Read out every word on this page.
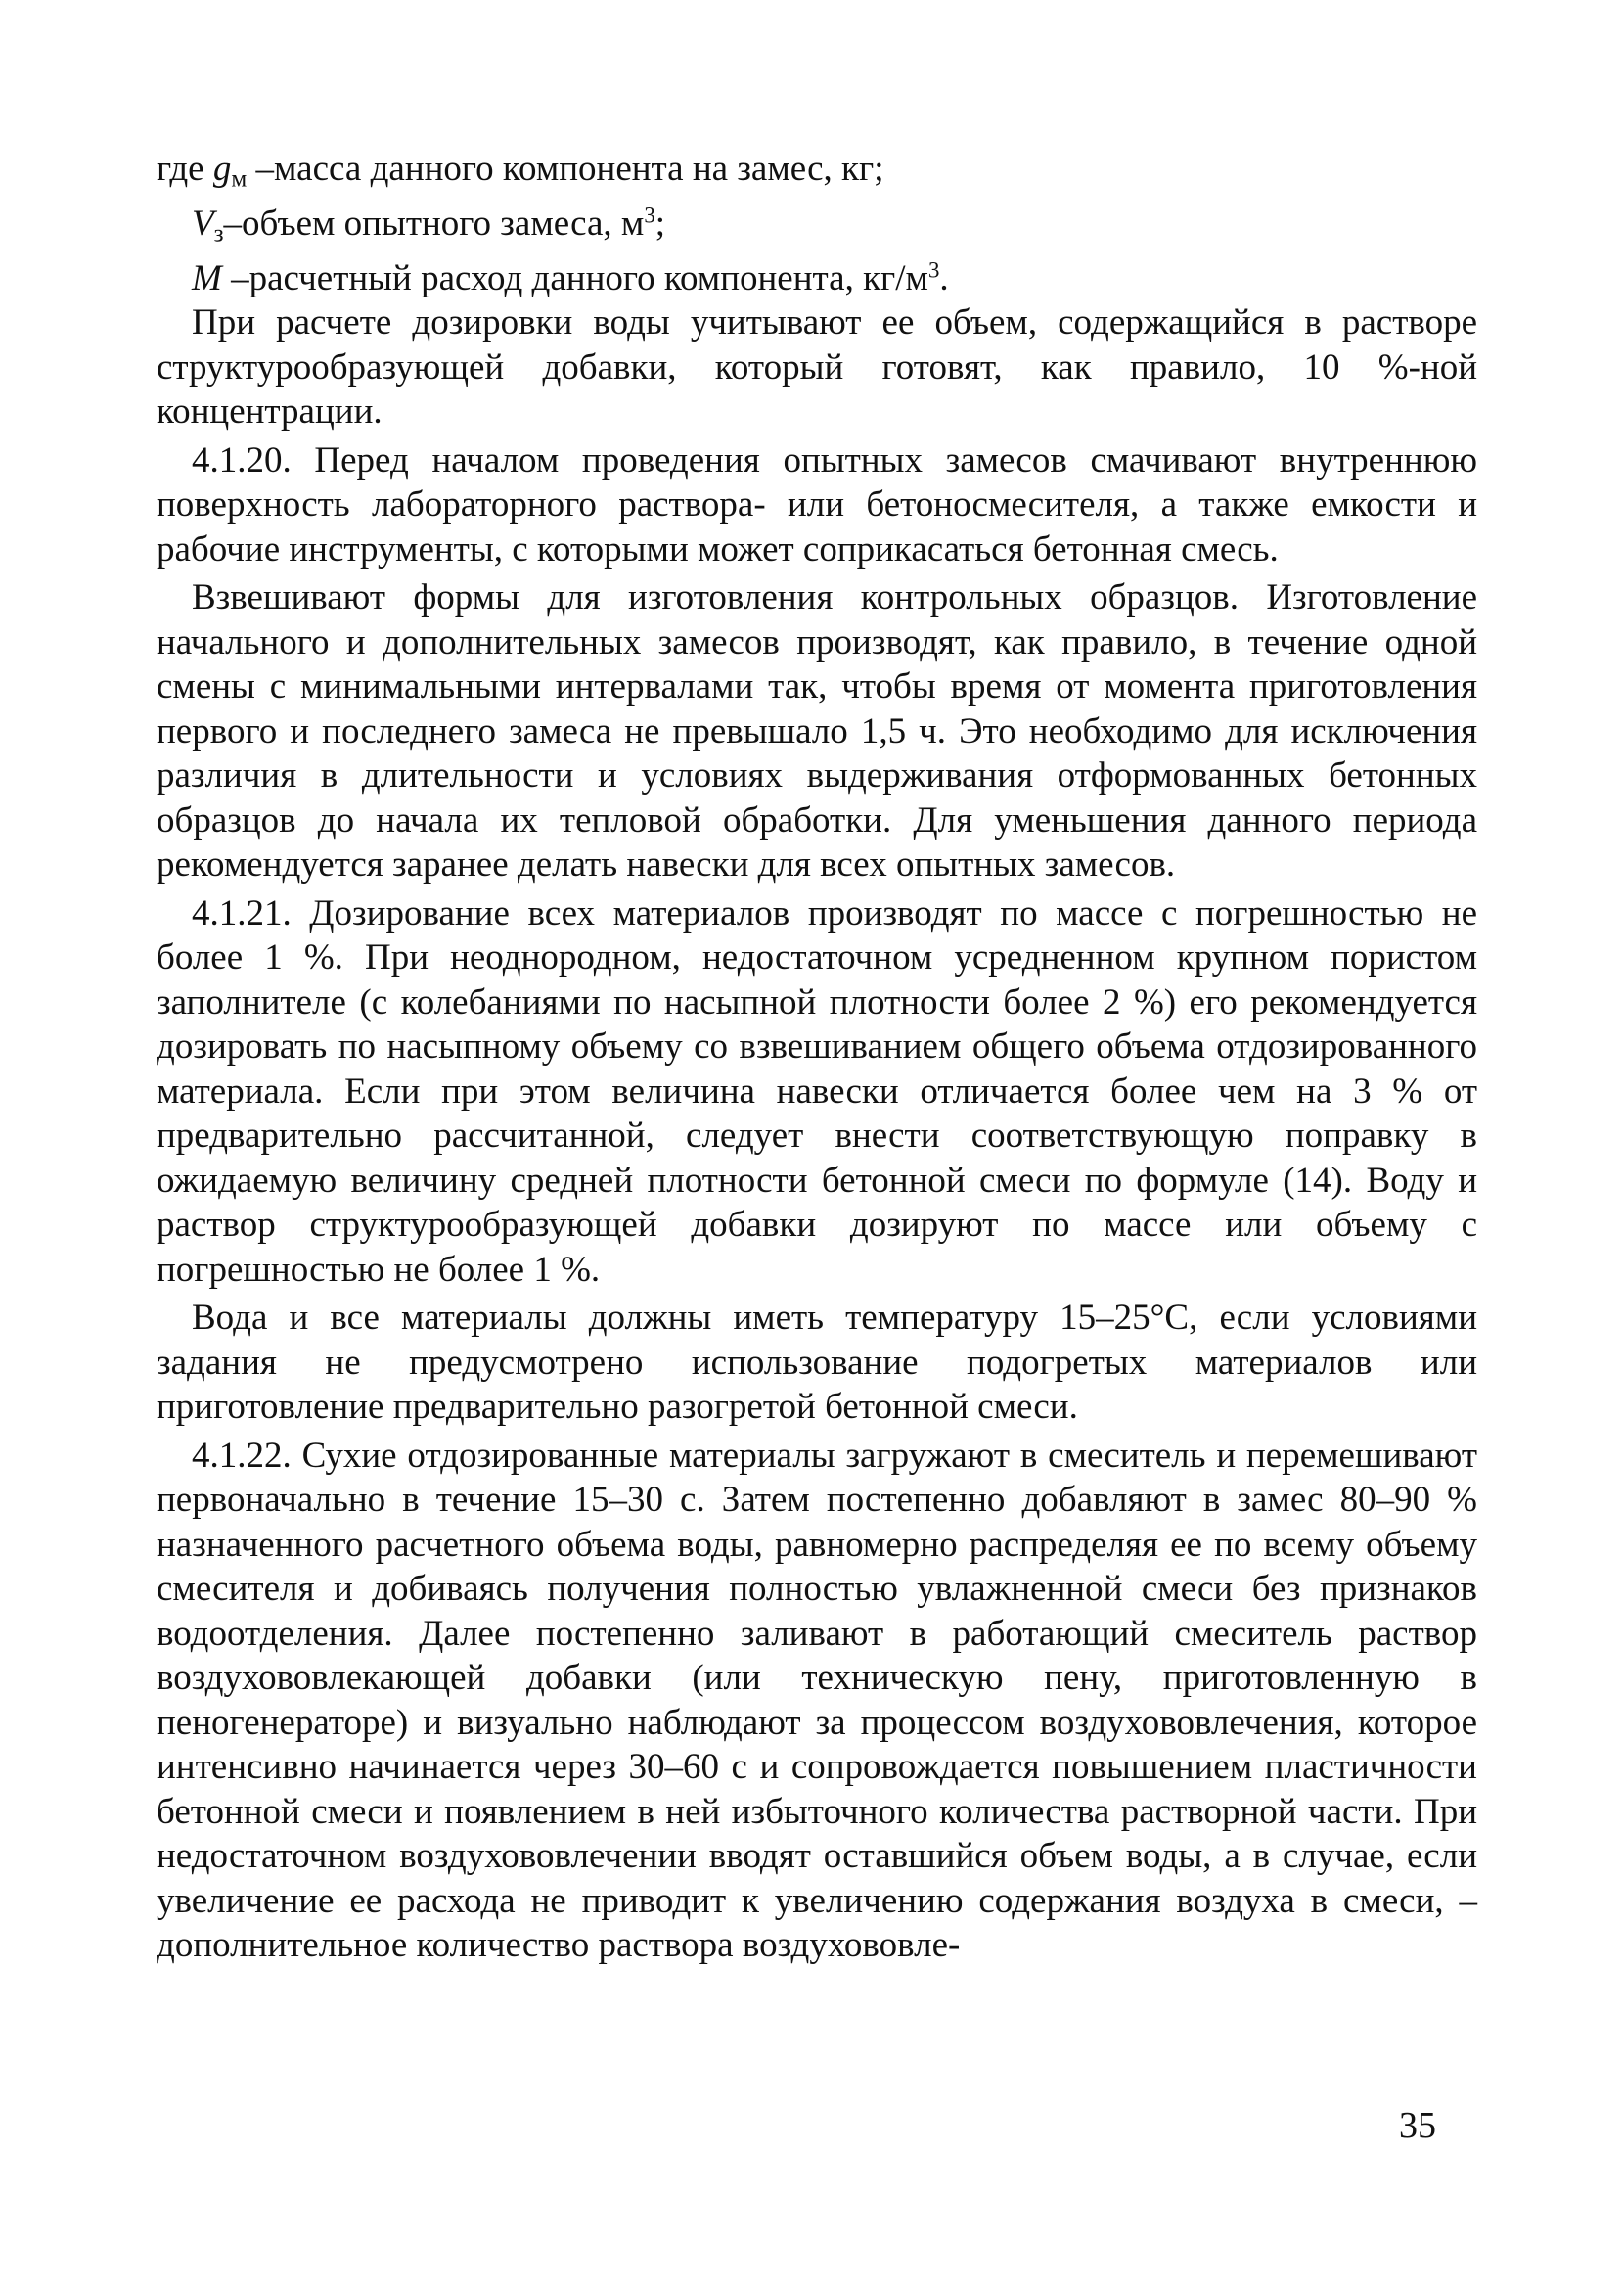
где $g_м$ –масса данного компонента на замес, кг;
$V_з$–объем опытного замеса, $м^3$;
M –расчетный расход данного компонента, $кг/м^3$.

При расчете дозировки воды учитывают ее объем, содержащийся в растворе структурообразующей добавки, который готовят, как правило, 10 %-ной концентрации.

4.1.20. Перед началом проведения опытных замесов смачивают внутреннюю поверхность лабораторного раствора- или бетоносмесителя, а также емкости и рабочие инструменты, с которыми может соприкасаться бетонная смесь.

Взвешивают формы для изготовления контрольных образцов. Изготовление начального и дополнительных замесов производят, как правило, в течение одной смены с минимальными интервалами так, чтобы время от момента приготовления первого и последнего замеса не превышало 1,5 ч. Это необходимо для исключения различия в длительности и условиях выдерживания отформованных бетонных образцов до начала их тепловой обработки. Для уменьшения данного периода рекомендуется заранее делать навески для всех опытных замесов.

4.1.21. Дозирование всех материалов производят по массе с погрешностью не более 1 %. При неоднородном, недостаточном усредненном крупном пористом заполнителе (с колебаниями по насыпной плотности более 2 %) его рекомендуется дозировать по насыпному объему со взвешиванием общего объема отдозированного материала. Если при этом величина навески отличается более чем на 3 % от предварительно рассчитанной, следует внести соответствующую поправку в ожидаемую величину средней плотности бетонной смеси по формуле (14). Воду и раствор структурообразующей добавки дозируют по массе или объему с погрешностью не более 1 %.

Вода и все материалы должны иметь температуру 15–25°С, если условиями задания не предусмотрено использование подогретых материалов или приготовление предварительно разогретой бетонной смеси.

4.1.22. Сухие отдозированные материалы загружают в смеситель и перемешивают первоначально в течение 15–30 с. Затем постепенно добавляют в замес 80–90 % назначенного расчетного объема воды, равномерно распределяя ее по всему объему смесителя и добиваясь получения полностью увлажненной смеси без признаков водоотделения. Далее постепенно заливают в работающий смеситель раствор воздухововлекающей добавки (или техническую пену, приготовленную в пеногенераторе) и визуально наблюдают за процессом воздухововлечения, которое интенсивно начинается через 30–60 с и сопровождается повышением пластичности бетонной смеси и появлением в ней избыточного количества растворной части. При недостаточном воздухововлечении вводят оставшийся объем воды, а в случае, если увеличение ее расхода не приводит к увеличению содержания воздуха в смеси, – дополнительное количество раствора воздухововле-

35
